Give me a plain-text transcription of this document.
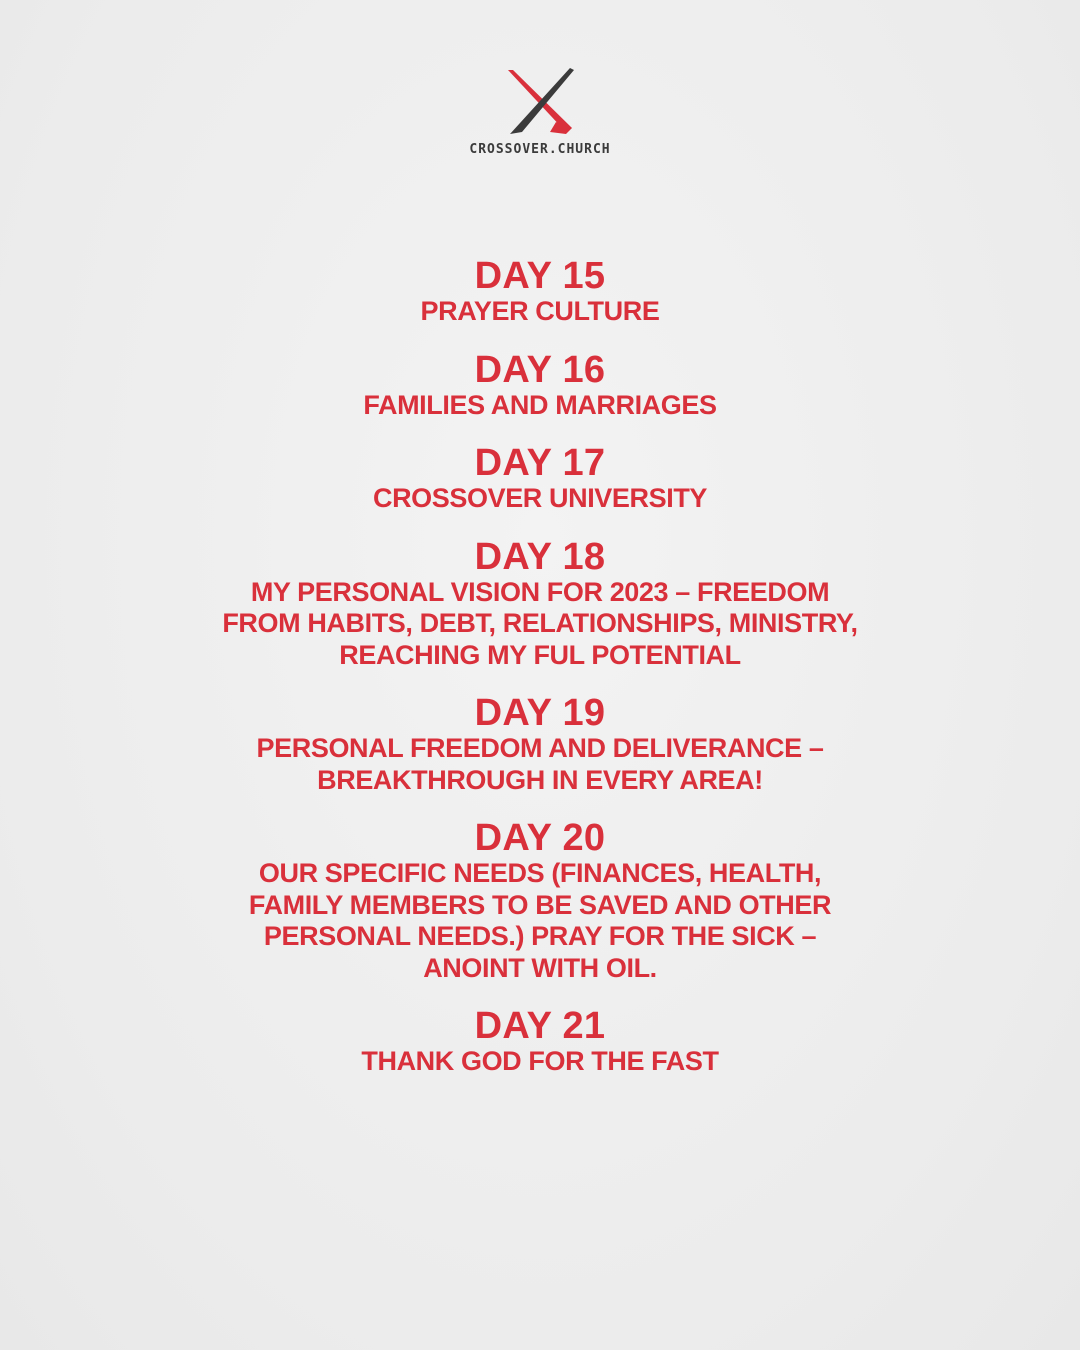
CROSSOVER.CHURCH
DAY 15
PRAYER CULTURE
DAY 16
FAMILIES AND MARRIAGES
DAY 17
CROSSOVER UNIVERSITY
DAY 18
MY PERSONAL VISION FOR 2023 – FREEDOM
FROM HABITS, DEBT, RELATIONSHIPS, MINISTRY,
REACHING MY FUL POTENTIAL
DAY 19
PERSONAL FREEDOM AND DELIVERANCE –
BREAKTHROUGH IN EVERY AREA!
DAY 20
OUR SPECIFIC NEEDS (FINANCES, HEALTH,
FAMILY MEMBERS TO BE SAVED AND OTHER
PERSONAL NEEDS.) PRAY FOR THE SICK –
ANOINT WITH OIL.
DAY 21
THANK GOD FOR THE FAST
